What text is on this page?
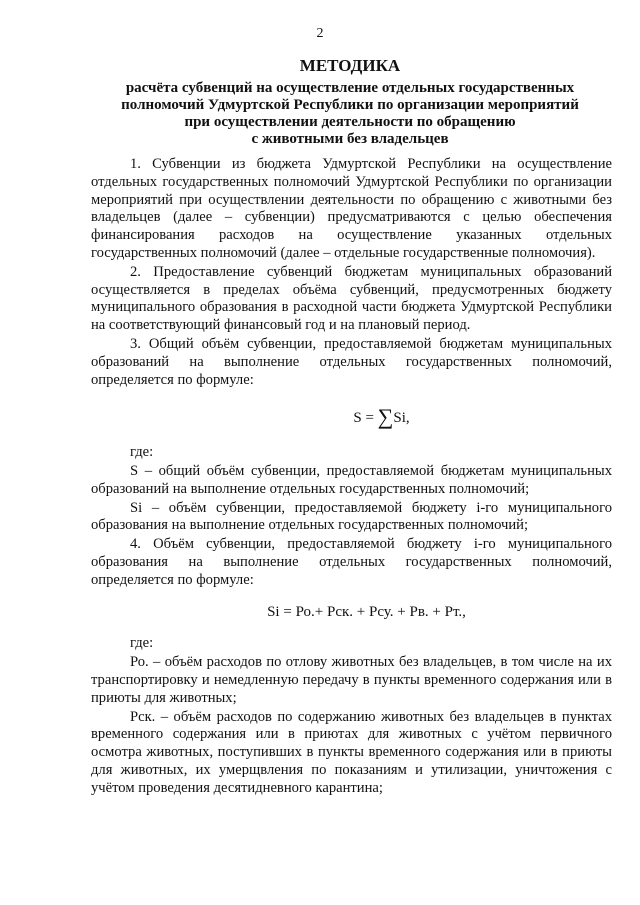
2
МЕТОДИКА
расчёта субвенций на осуществление отдельных государственных
полномочий Удмуртской Республики по организации мероприятий
при осуществлении деятельности по обращению
с животными без владельцев

1. Субвенции из бюджета Удмуртской Республики на осуществление отдельных государственных полномочий Удмуртской Республики по организации мероприятий при осуществлении деятельности по обращению с животными без владельцев (далее – субвенции) предусматриваются с целью обеспечения финансирования расходов на осуществление указанных отдельных государственных полномочий (далее – отдельные государственные полномочия).

2. Предоставление субвенций бюджетам муниципальных образований осуществляется в пределах объёма субвенций, предусмотренных бюджету муниципального образования в расходной части бюджета Удмуртской Республики на соответствующий финансовый год и на плановый период.

3. Общий объём субвенции, предоставляемой бюджетам муниципальных образований на выполнение отдельных государственных полномочий, определяется по формуле:

S = ∑Si,

где:

S – общий объём субвенции, предоставляемой бюджетам муниципальных образований на выполнение отдельных государственных полномочий;

Si – объём субвенции, предоставляемой бюджету i-го муниципального образования на выполнение отдельных государственных полномочий;

4. Объём субвенции, предоставляемой бюджету i-го муниципального образования на выполнение отдельных государственных полномочий, определяется по формуле:

Si = Ро.+ Рск. + Рсу. + Рв. + Рт.,

где:

Ро. – объём расходов по отлову животных без владельцев, в том числе на их транспортировку и немедленную передачу в пункты временного содержания или в приюты для животных;

Рск. – объём расходов по содержанию животных без владельцев в пунктах временного содержания или в приютах для животных с учётом первичного осмотра животных, поступивших в пункты временного содержания или в приюты для животных, их умерщвления по показаниям и утилизации, уничтожения с учётом проведения десятидневного карантина;
